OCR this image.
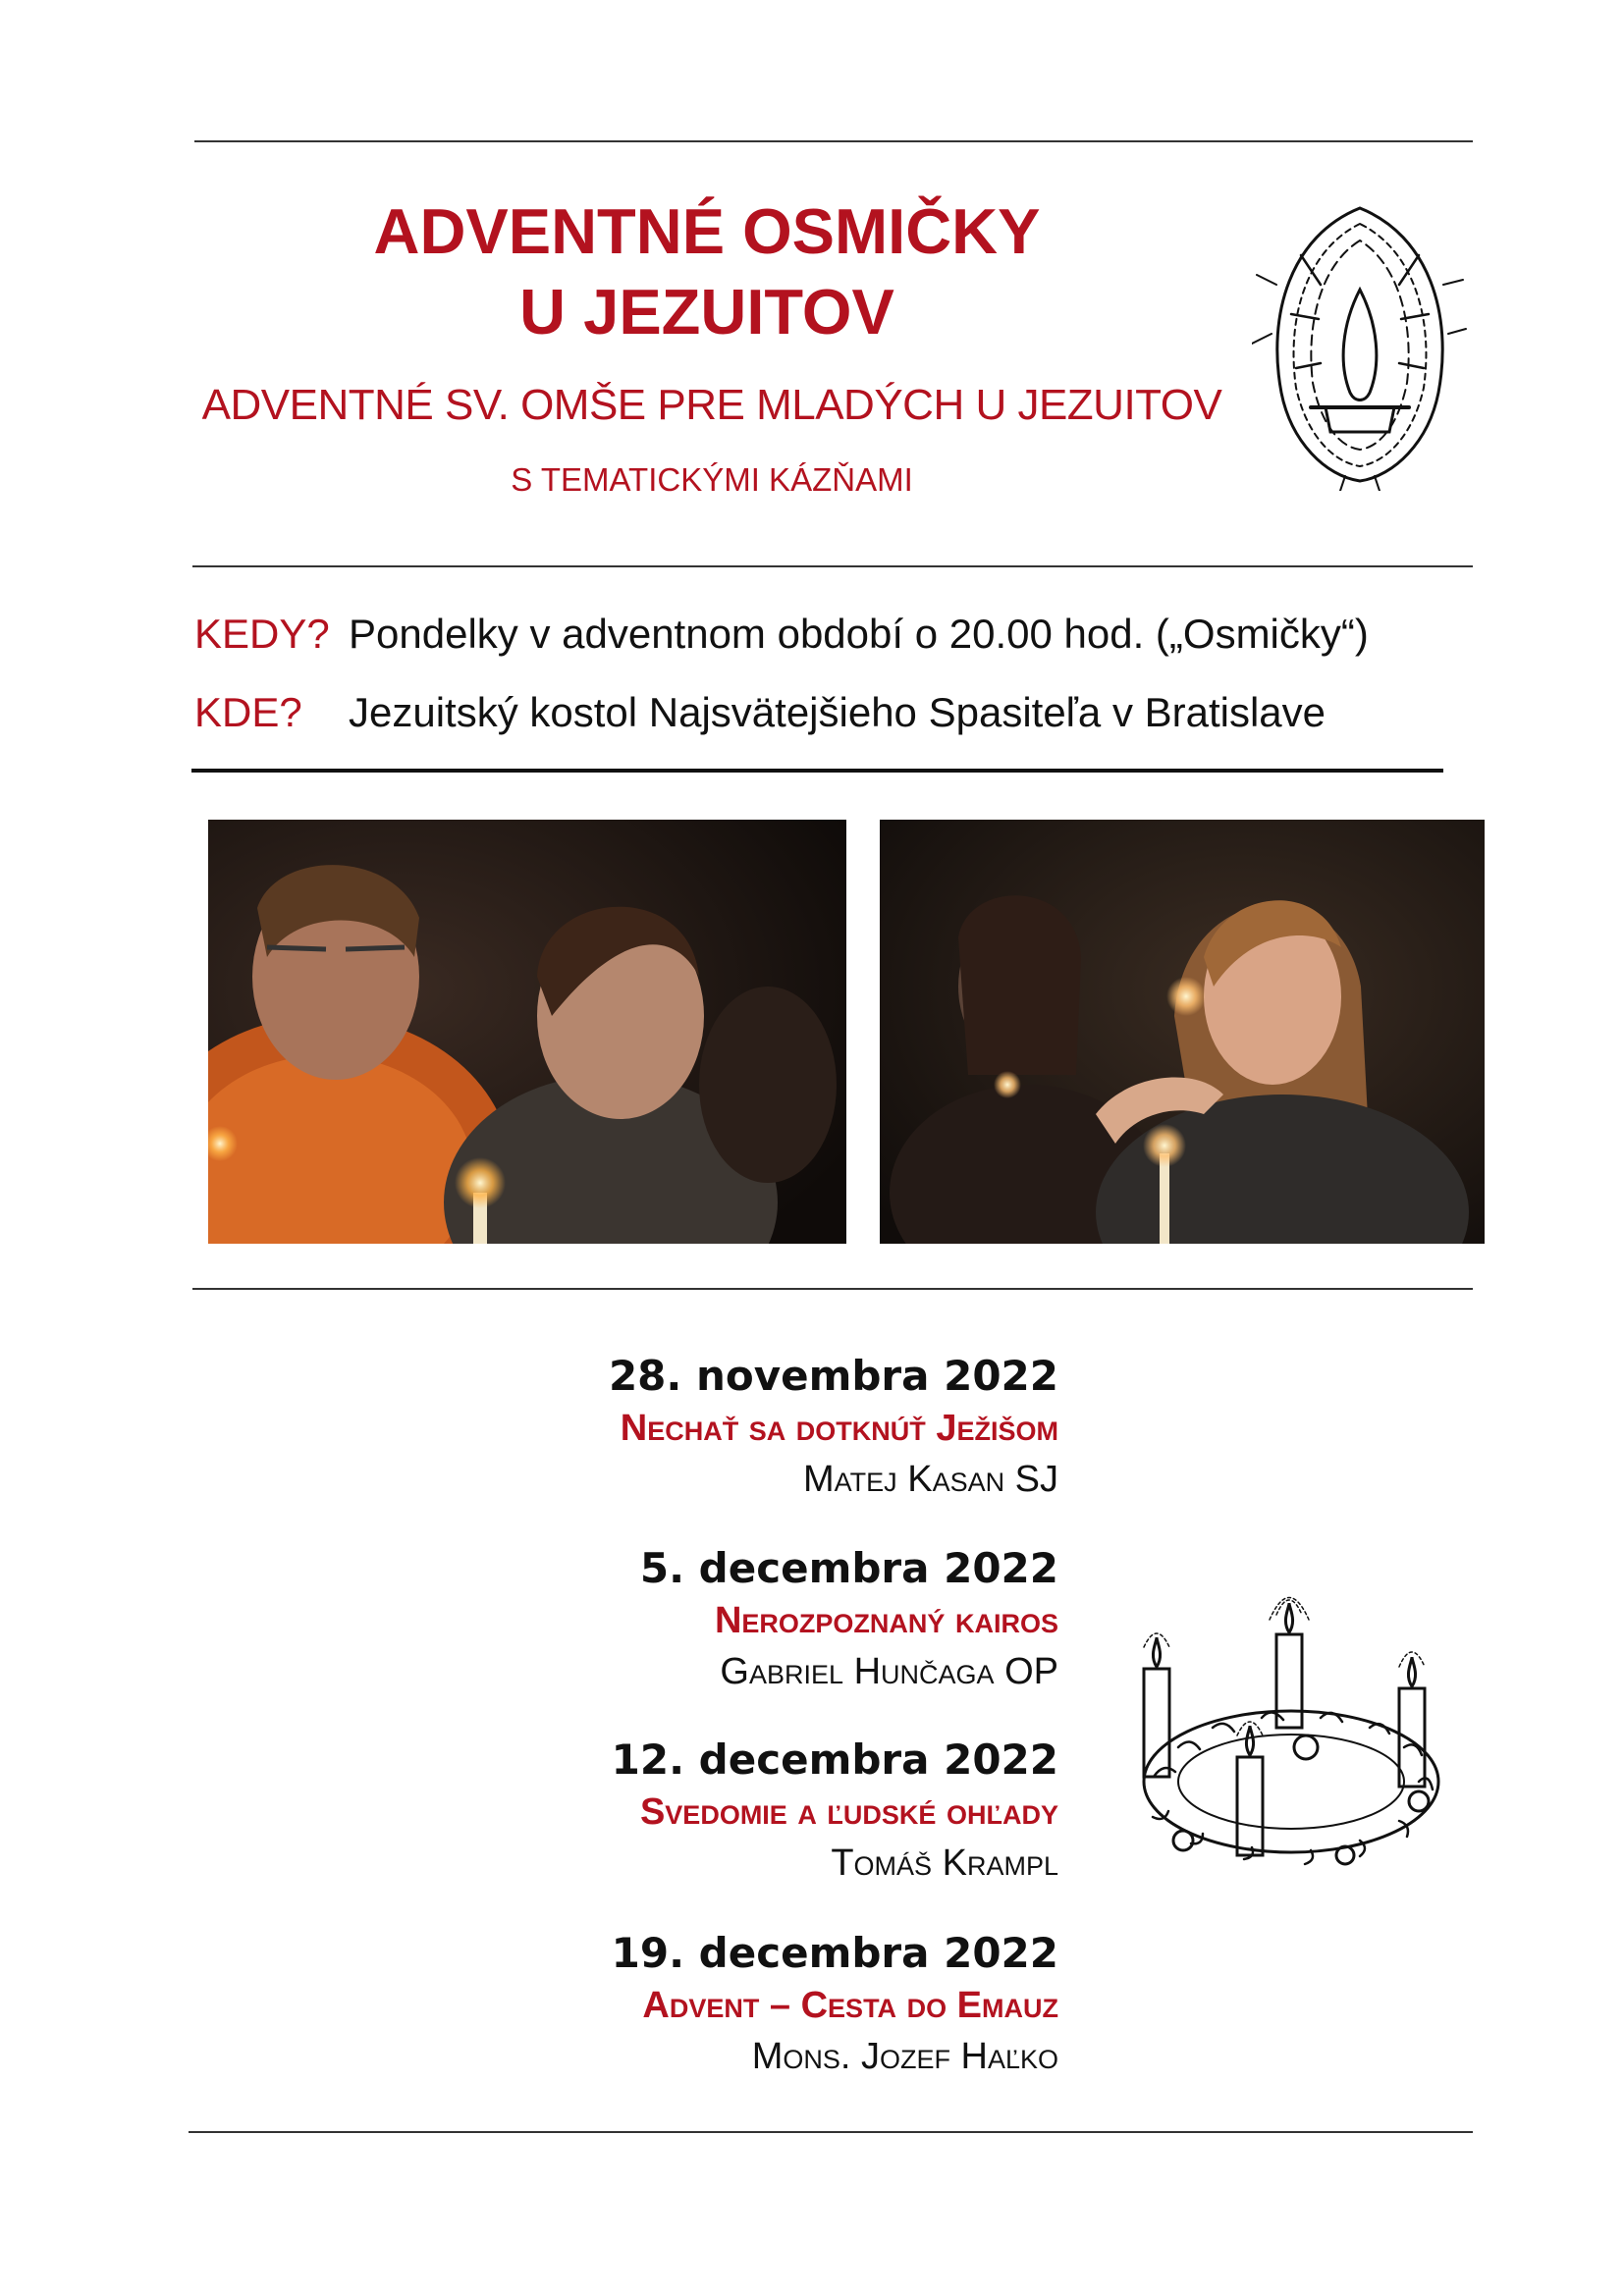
ADVENTNÉ OSMIČKY
U JEZUITOV
ADVENTNÉ SV. OMŠE PRE MLADÝCH U JEZUITOV
S TEMATICKÝMI KÁZŇAMI
KEDY? Pondelky v adventnom období o 20.00 hod. („Osmičky“)
KDE? Jezuitský kostol Najsvätejšieho Spasiteľa v Bratislave
28. novembra 2022
Nechať sa dotknúť Ježišom
Matej Kasan SJ
5. decembra 2022
Nerozpoznaný kairos
Gabriel Hunčaga OP
12. decembra 2022
Svedomie a ľudské ohľady
Tomáš Krampl
19. decembra 2022
Advent – Cesta do Emauz
Mons. Jozef Haľko
